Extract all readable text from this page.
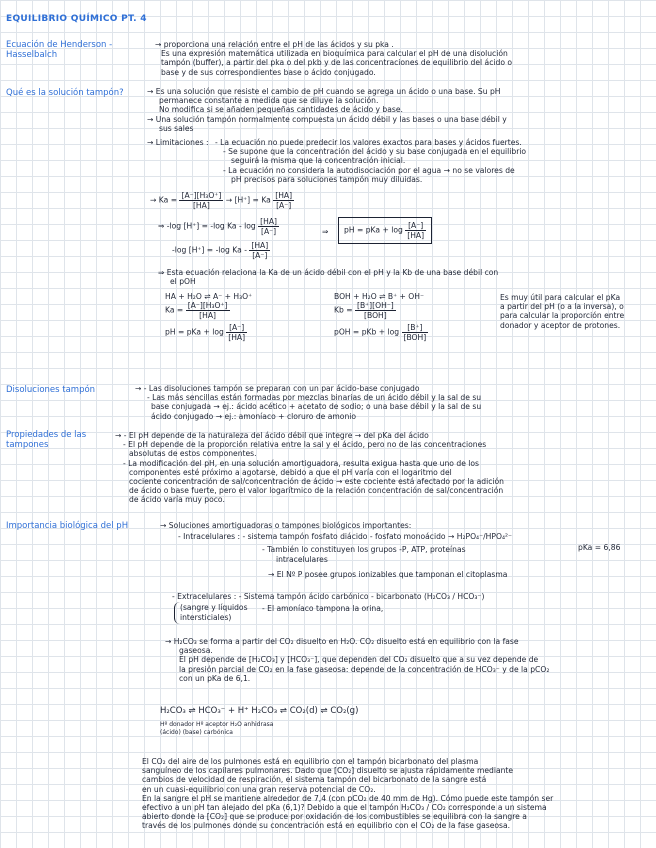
EQUILIBRIO QUÍMICO PT. 4
Ecuación de Henderson - Hasselbalch
→ proporciona una relación entre el pH de las ácidos y su pka .
Es una expresión matemática utilizada en bioquímica para calcular el pH de una disolución
tampón (buffer), a partir del pka o del pkb y de las concentraciones de equilibrio del ácido o
base y de sus correspondientes base o ácido conjugado.
Qué es la solución tampón?	→ Es una solución que resiste el cambio de pH cuando se agrega un ácido o una base. Su pH
permanece constante a medida que se diluye la solución.
No modifica si se añaden pequeñas cantidades de ácido y base.
→ Una solución tampón normalmente compuesta un ácido débil y las bases o una base débil y
sus sales
→ Limitaciones : - La ecuación no puede predecir los valores exactos para bases y ácidos fuertes.
- Se supone que la concentración del ácido y su base conjugada en el equilibrio
seguirá la misma que la concentración inicial.
- La ecuación no considera la autodisociación por el agua → no se valores de
pH precisos para soluciones tampón muy diluidas.
→ $Ka = \frac{\text{[A⁻][H₃O⁺]}}{[HA]} \to [H^+] = Ka \frac{[HA]}{[A^-]}$
⇒ -log [H⁺] = -log Ka - $\log \frac{[HA]}{[A^-]}$
-log [H⁺] = -log Ka - $\frac{[HA]}{[A^-]}$
⇒	pH = pKa + $\log \frac{[A^-]}{[HA]}$
⇒ Esta ecuación relaciona la Ka de un ácido débil con el pH y la Kb de una base débil con
el pOH
HA + H₂O ⇌ A⁻ + H₃O⁺
$Ka = \frac{\text{[A⁻][H₃O⁺]}}{[HA]}$
pH = pKa + $\log \frac{[A^-]}{[HA]}$
BOH + H₂O ⇌ B⁺ + OH⁻
$Kb = \frac{[B^+][OH^-]}{\text{[BOH]}}$
pOH = pKb + $\log \frac{[B^+]}{\text{[BOH]}}$
Es muy útil para calcular el pKa
a partir del pH (o a la inversa), o
para calcular la proporción entre
donador y aceptor de protones.
Disoluciones tampón	→ - Las disoluciones tampón se preparan con un par ácido-base conjugado
- Las más sencillas están formadas por mezclas binarias de un ácido débil y la sal de su
base conjugada → ej.: ácido acético + acetato de sodio; o una base débil y la sal de su
ácido conjugado → ej.: amoníaco + cloruro de amonio
Propiedades de las
tampones
→ - El pH depende de la naturaleza del ácido débil que integre → del pKa del ácido
- El pH depende de la proporción relativa entre la sal y el ácido, pero no de las concentraciones
absolutas de estos componentes.
- La modificación del pH, en una solución amortiguadora, resulta exigua hasta que uno de los
componentes esté próximo a agotarse, debido a que el pH varía con el logaritmo del
cociente concentración de sal/concentración de ácido → este cociente está afectado por la adición
de ácido o base fuerte, pero el valor logarítmico de la relación concentración de sal/concentración
de ácido varía muy poco.
Importancia biológica del pH	→ Soluciones amortiguadoras o tampones biológicos importantes:
- Intracelulares : - sistema tampón fosfato diácido - fosfato monoácido → H₂PO₄⁻/HPO₄²⁻
pKa = 6,86
- También lo constituyen los grupos -P, ATP, proteínas
intracelulares
→ El Nº P posee grupos ionizables que tamponan el citoplasma
- Extracelulares : - Sistema tampón ácido carbónico - bicarbonato (H₂CO₃ / HCO₃⁻)
- El amoníaco tampona la orina,
(sangre y líquidos
intersticiales)
→ H₂CO₃ se forma a partir del CO₂ disuelto en H₂O. CO₂ disuelto está en equilibrio con la fase
gaseosa.
El pH depende de [H₂CO₃] y [HCO₃⁻], que dependen del CO₂ disuelto que a su vez depende de
la presión parcial de CO₂ en la fase gaseosa: depende de la concentración de HCO₃⁻ y de la pCO₂
con un pKa de 6,1.
H₂CO₃ ⇌ HCO₃⁻ + H⁺ H₂CO₃ ⇌ CO₂(d) ⇌ CO₂(g)
Hº donador Hº aceptor H₂O anhidrasa
(ácido) (base) carbónica
El CO₂ del aire de los pulmones está en equilibrio con el tampón bicarbonato del plasma
sanguíneo de los capilares pulmonares. Dado que [CO₂] disuelto se ajusta rápidamente mediante
cambios de velocidad de respiración, el sistema tampón del bicarbonato de la sangre está
en un cuasi-equilibrio con una gran reserva potencial de CO₂.
En la sangre el pH se mantiene alrededor de 7,4 (con pCO₂ de 40 mm de Hg). Cómo puede este tampón ser
efectivo a un pH tan alejado del pKa (6,1)? Debido a que el tampón H₂CO₃ / CO₂ corresponde a un sistema
abierto donde la [CO₂] que se produce por oxidación de los combustibles se equilibra con la sangre a
través de los pulmones donde su concentración está en equilibrio con el CO₂ de la fase gaseosa.
